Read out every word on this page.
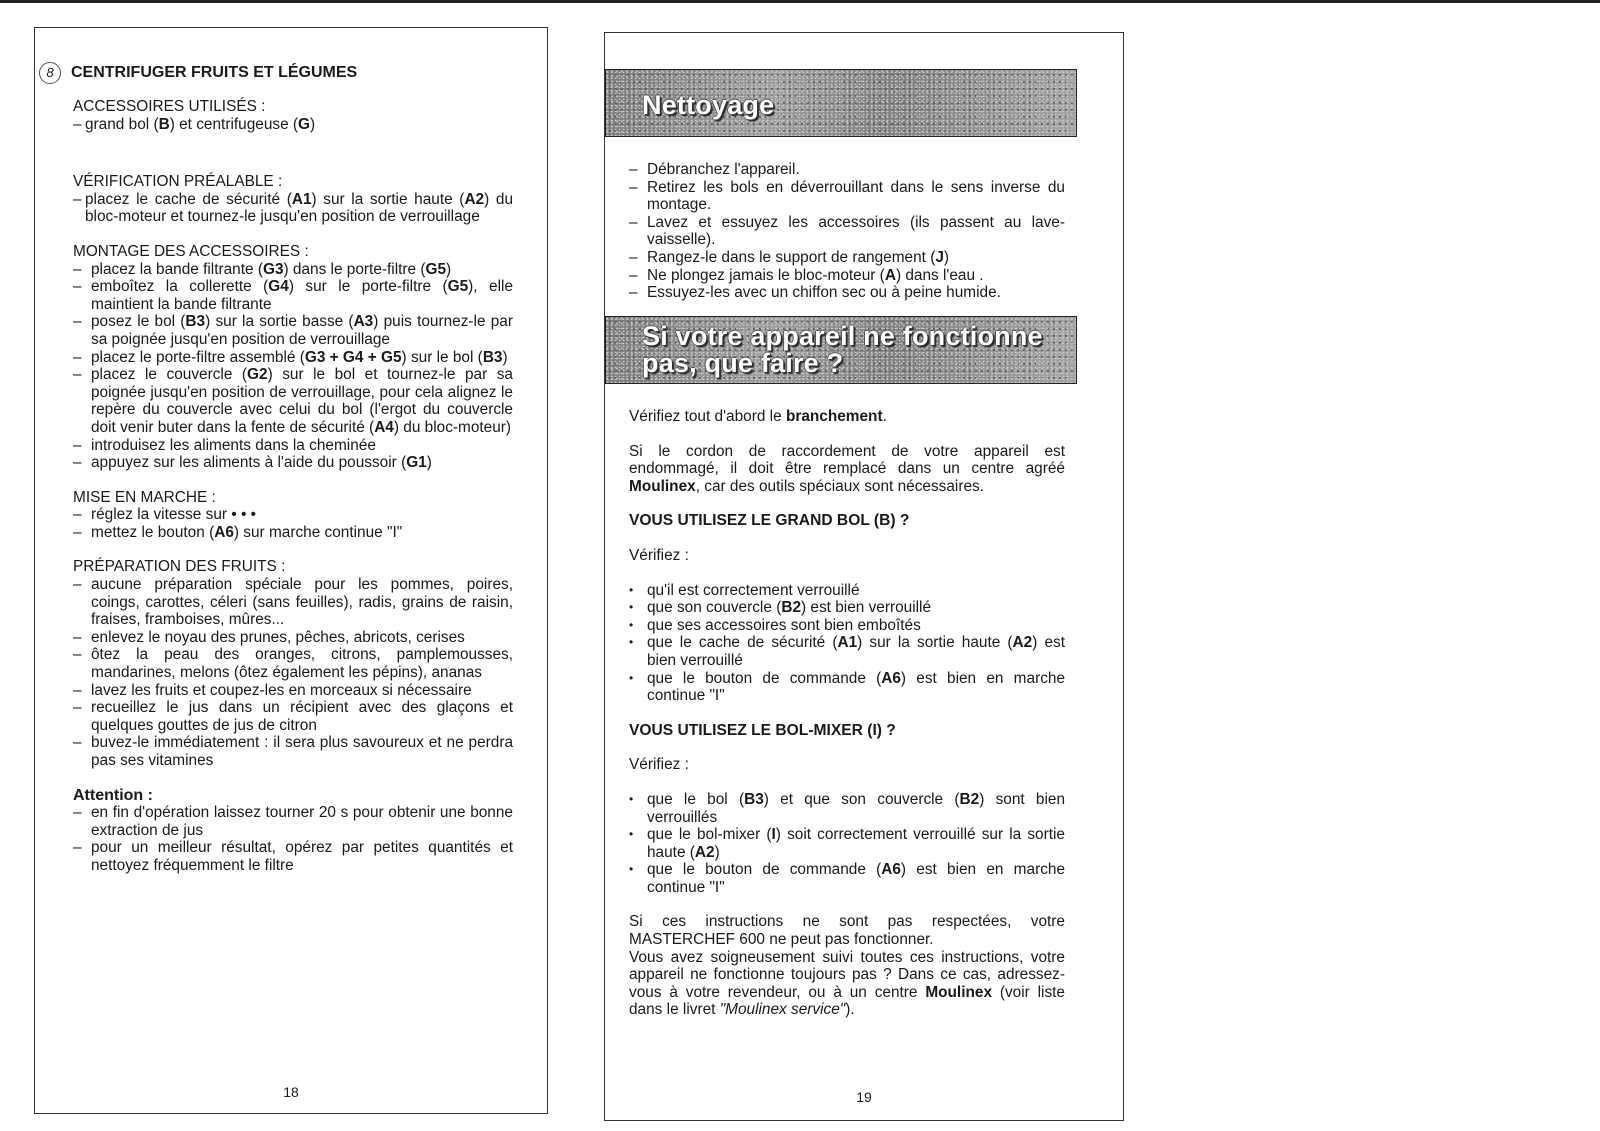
8	CENTRIFUGER FRUITS ET LÉGUMES

ACCESSOIRES UTILISÉS :

– grand bol (B) et centrifugeuse (G)

VÉRIFICATION PRÉALABLE :

– placez le cache de sécurité (A1) sur la sortie haute (A2) du bloc-moteur et tournez-le jusqu'en position de verrouillage

MONTAGE DES ACCESSOIRES :

– placez la bande filtrante (G3) dans le porte-filtre (G5)
– emboîtez la collerette (G4) sur le porte-filtre (G5), elle maintient la bande filtrante
– posez le bol (B3) sur la sortie basse (A3) puis tournez-le par sa poignée jusqu'en position de verrouillage
– placez le porte-filtre assemblé (G3 + G4 + G5) sur le bol (B3)
– placez le couvercle (G2) sur le bol et tournez-le par sa poignée jusqu'en position de verrouillage, pour cela alignez le repère du couvercle avec celui du bol (l'ergot du couvercle doit venir buter dans la fente de sécurité (A4) du bloc-moteur)
– introduisez les aliments dans la cheminée
– appuyez sur les aliments à l'aide du poussoir (G1)

MISE EN MARCHE :

– réglez la vitesse sur • • •
– mettez le bouton (A6) sur marche continue "I"

PRÉPARATION DES FRUITS :

– aucune préparation spéciale pour les pommes, poires, coings, carottes, céleri (sans feuilles), radis, grains de raisin, fraises, framboises, mûres...
– enlevez le noyau des prunes, pêches, abricots, cerises
– ôtez la peau des oranges, citrons, pamplemousses, mandarines, melons (ôtez également les pépins), ananas
– lavez les fruits et coupez-les en morceaux si nécessaire
– recueillez le jus dans un récipient avec des glaçons et quelques gouttes de jus de citron
– buvez-le immédiatement : il sera plus savoureux et ne perdra pas ses vitamines

Attention :

– en fin d'opération laissez tourner 20 s pour obtenir une bonne extraction de jus
– pour un meilleur résultat, opérez par petites quantités et nettoyez fréquemment le filtre
18
Nettoyage
– Débranchez l'appareil.
– Retirez les bols en déverrouillant dans le sens inverse du montage.
– Lavez et essuyez les accessoires (ils passent au lave-vaisselle).
– Rangez-le dans le support de rangement (J)
– Ne plongez jamais le bloc-moteur (A) dans l'eau .
– Essuyez-les avec un chiffon sec ou à peine humide.
Si votre appareil ne fonctionne pas, que faire ?

Vérifiez tout d'abord le branchement.

Si le cordon de raccordement de votre appareil est endommagé, il doit être remplacé dans un centre agréé Moulinex, car des outils spéciaux sont nécessaires.

VOUS UTILISEZ LE GRAND BOL (B) ?

Vérifiez :

• qu'il est correctement verrouillé
• que son couvercle (B2) est bien verrouillé
• que ses accessoires sont bien emboîtés
• que le cache de sécurité (A1) sur la sortie haute (A2) est bien verrouillé
• que le bouton de commande (A6) est bien en marche continue "I"

VOUS UTILISEZ LE BOL-MIXER (I) ?

Vérifiez :

• que le bol (B3) et que son couvercle (B2) sont bien verrouillés
• que le bol-mixer (I) soit correctement verrouillé sur la sortie haute (A2)
• que le bouton de commande (A6) est bien en marche continue "I"

Si ces instructions ne sont pas respectées, votre MASTERCHEF 600 ne peut pas fonctionner.

Vous avez soigneusement suivi toutes ces instructions, votre appareil ne fonctionne toujours pas ? Dans ce cas, adressez-vous à votre revendeur, ou à un centre Moulinex (voir liste dans le livret "Moulinex service").

19
